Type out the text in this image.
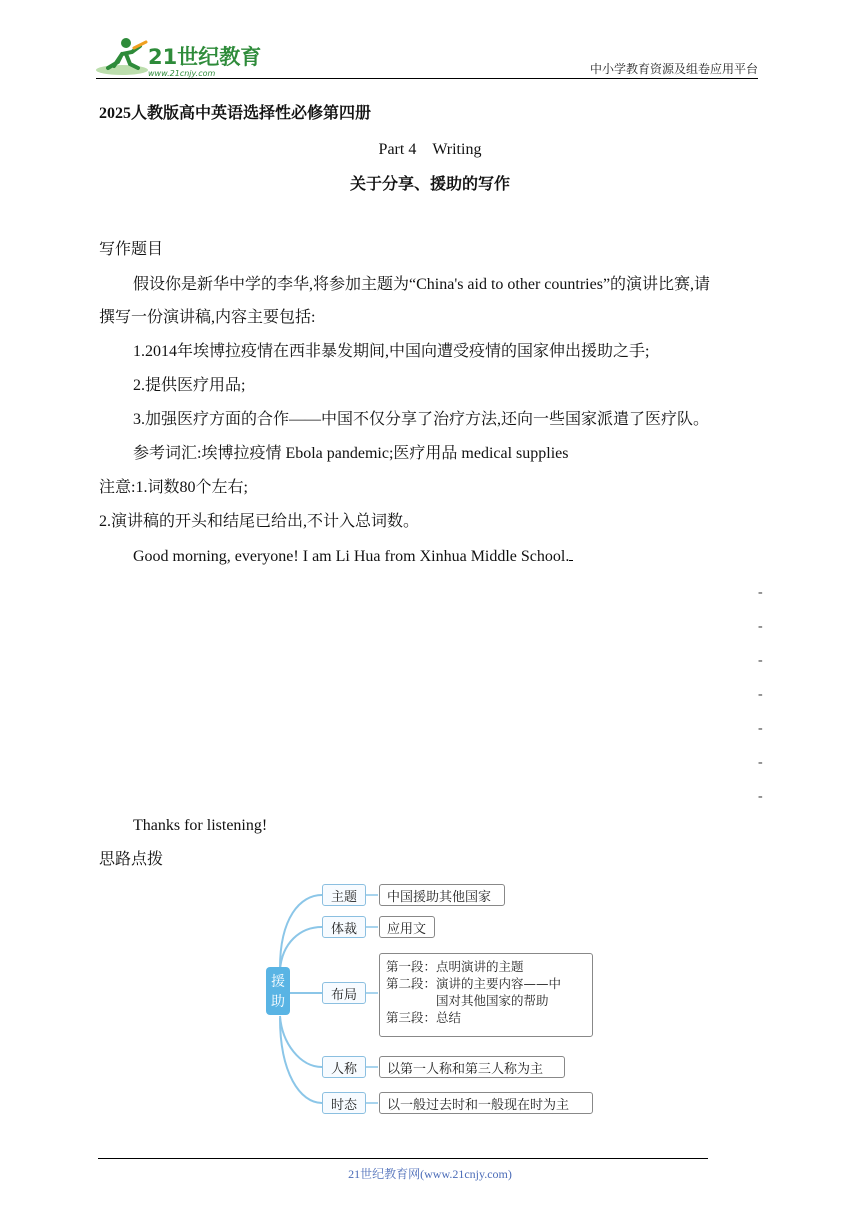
21世纪教育
www.21cnjy.com	中小学教育资源及组卷应用平台
2025人教版高中英语选择性必修第四册
Part 4　Writing
关于分享、援助的写作
写作题目
假设你是新华中学的李华,将参加主题为“China's aid to other countries”的演讲比赛,请
撰写一份演讲稿,内容主要包括:
1.2014年埃博拉疫情在西非暴发期间,中国向遭受疫情的国家伸出援助之手;
2.提供医疗用品;
3.加强医疗方面的合作——中国不仅分享了治疗方法,还向一些国家派遣了医疗队。
参考词汇:埃博拉疫情 Ebola pandemic;医疗用品 medical supplies
注意:1.词数80个左右;
2.演讲稿的开头和结尾已给出,不计入总词数。
Good morning, everyone! I am Li Hua from Xinhua Middle School.
-
-
-
-
-
-
-
Thanks for listening!
思路点拨
援
助
主题	中国援助其他国家
体裁	应用文
布局
第一段：点明演讲的主题
第二段：演讲的主要内容——中
　　　　国对其他国家的帮助
第三段：总结
人称	以第一人称和第三人称为主
时态	以一般过去时和一般现在时为主
21世纪教育网(www.21cnjy.com)
